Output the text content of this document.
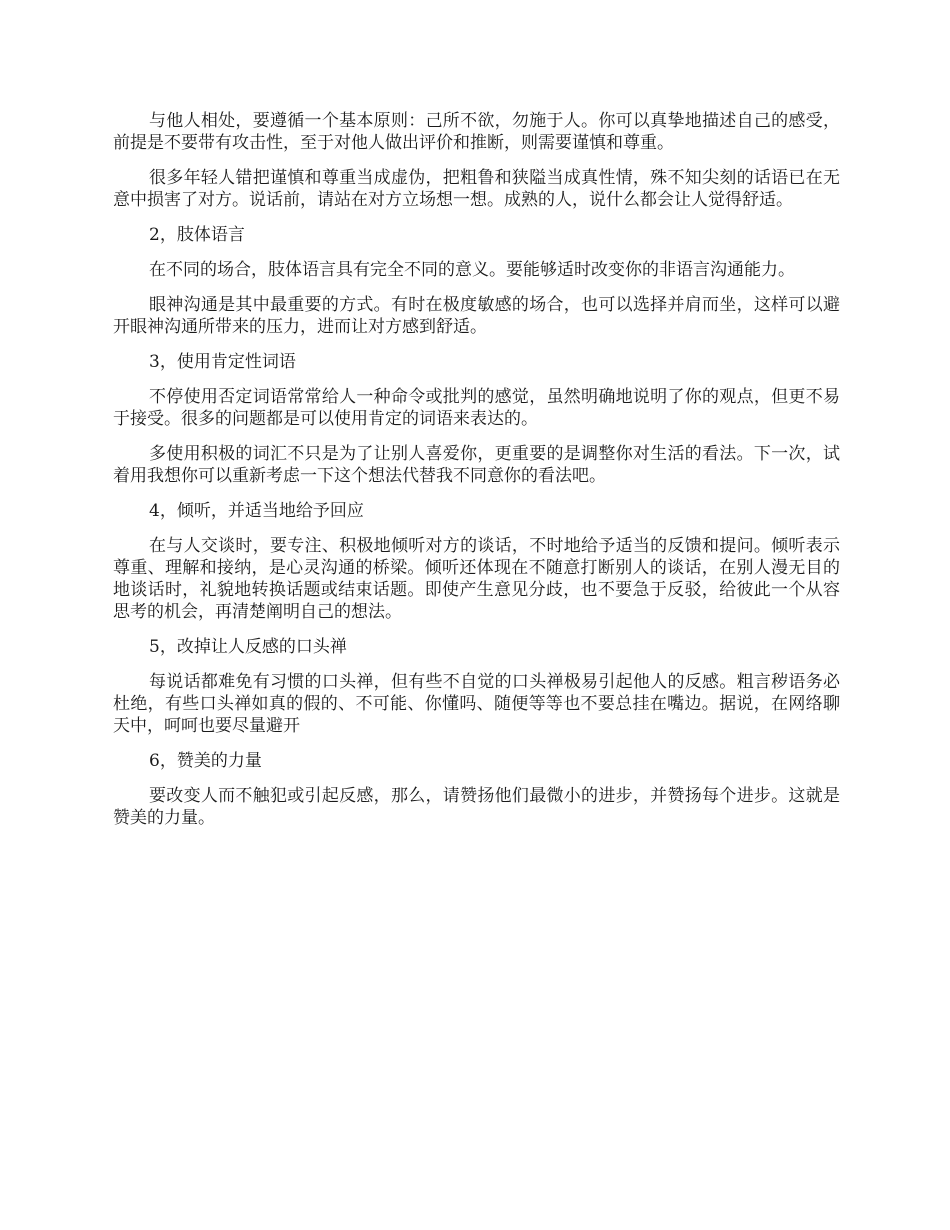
与他人相处，要遵循一个基本原则：己所不欲，勿施于人。你可以真挚地描述自己的感受，前提是不要带有攻击性，至于对他人做出评价和推断，则需要谨慎和尊重。

很多年轻人错把谨慎和尊重当成虚伪，把粗鲁和狭隘当成真性情，殊不知尖刻的话语已在无意中损害了对方。说话前，请站在对方立场想一想。成熟的人，说什么都会让人觉得舒适。

2，肢体语言

在不同的场合，肢体语言具有完全不同的意义。要能够适时改变你的非语言沟通能力。

眼神沟通是其中最重要的方式。有时在极度敏感的场合，也可以选择并肩而坐，这样可以避开眼神沟通所带来的压力，进而让对方感到舒适。

3，使用肯定性词语

不停使用否定词语常常给人一种命令或批判的感觉，虽然明确地说明了你的观点，但更不易于接受。很多的问题都是可以使用肯定的词语来表达的。

多使用积极的词汇不只是为了让别人喜爱你，更重要的是调整你对生活的看法。下一次，试着用我想你可以重新考虑一下这个想法代替我不同意你的看法吧。

4，倾听，并适当地给予回应

在与人交谈时，要专注、积极地倾听对方的谈话，不时地给予适当的反馈和提问。倾听表示尊重、理解和接纳，是心灵沟通的桥梁。倾听还体现在不随意打断别人的谈话，在别人漫无目的地谈话时，礼貌地转换话题或结束话题。即使产生意见分歧，也不要急于反驳，给彼此一个从容思考的机会，再清楚阐明自己的想法。

5，改掉让人反感的口头禅

每说话都难免有习惯的口头禅，但有些不自觉的口头禅极易引起他人的反感。粗言秽语务必杜绝，有些口头禅如真的假的、不可能、你懂吗、随便等等也不要总挂在嘴边。据说，在网络聊天中，呵呵也要尽量避开

6，赞美的力量

要改变人而不触犯或引起反感，那么，请赞扬他们最微小的进步，并赞扬每个进步。这就是赞美的力量。
